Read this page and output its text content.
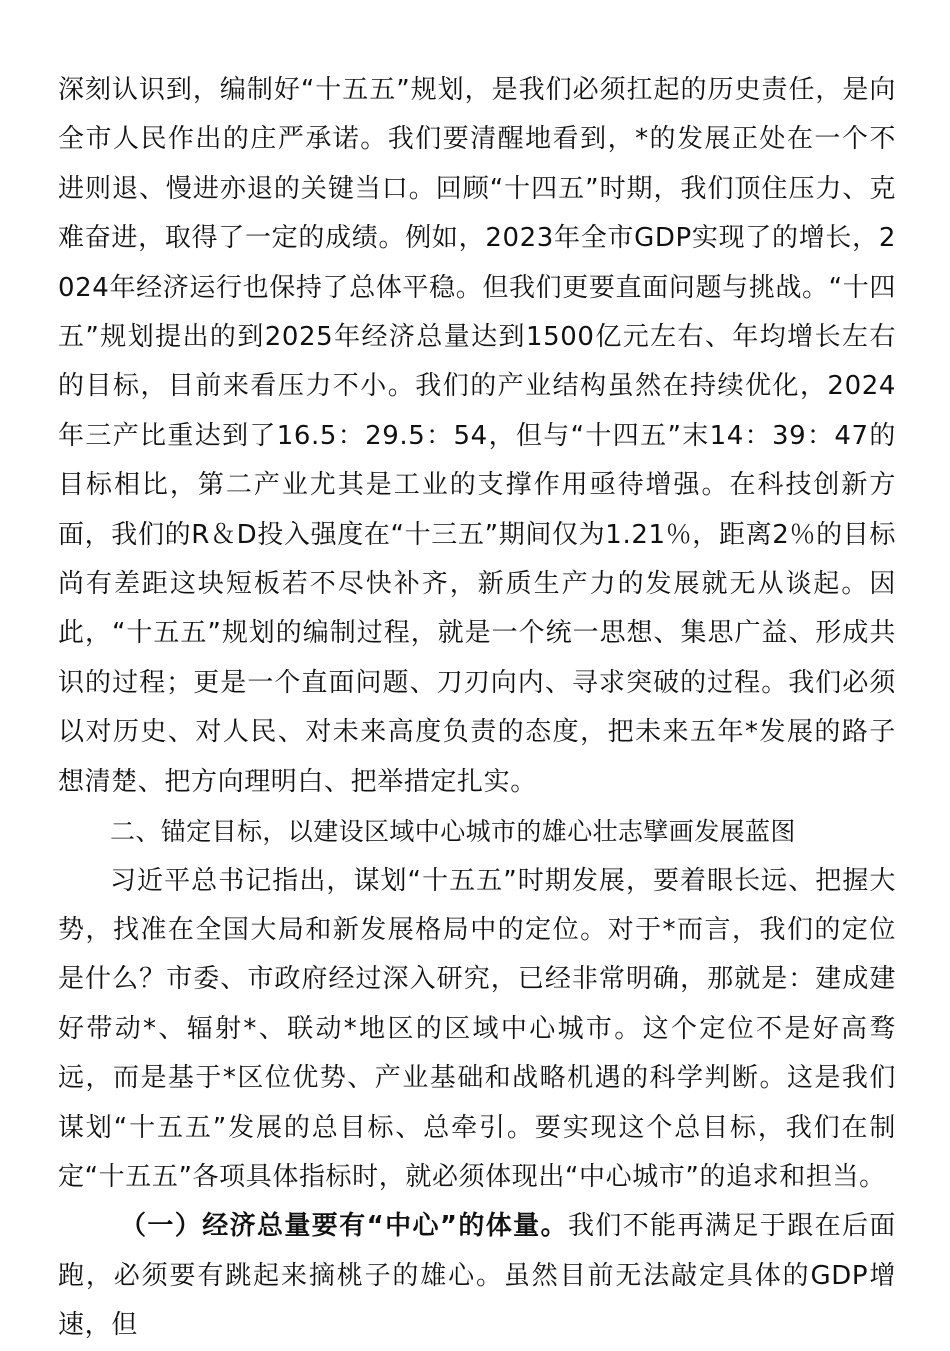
深刻认识到，编制好“十五五”规划，是我们必须扛起的历史责任，是向全市人民作出的庄严承诺。我们要清醒地看到，*的发展正处在一个不进则退、慢进亦退的关键当口。回顾“十四五”时期，我们顶住压力、克难奋进，取得了一定的成绩。例如，2023年全市GDP实现了的增长，2024年经济运行也保持了总体平稳。但我们更要直面问题与挑战。“十四五”规划提出的到2025年经济总量达到1500亿元左右、年均增长左右的目标，目前来看压力不小。我们的产业结构虽然在持续优化，2024年三产比重达到了16.5：29.5：54，但与“十四五”末14：39：47的目标相比，第二产业尤其是工业的支撑作用亟待增强。在科技创新方面，我们的R＆D投入强度在“十三五”期间仅为1.21％，距离2％的目标尚有差距这块短板若不尽快补齐，新质生产力的发展就无从谈起。因此，“十五五”规划的编制过程，就是一个统一思想、集思广益、形成共识的过程；更是一个直面问题、刀刃向内、寻求突破的过程。我们必须以对历史、对人民、对未来高度负责的态度，把未来五年*发展的路子想清楚、把方向理明白、把举措定扎实。

二、锚定目标，以建设区域中心城市的雄心壮志擘画发展蓝图

习近平总书记指出，谋划“十五五”时期发展，要着眼长远、把握大势，找准在全国大局和新发展格局中的定位。对于*而言，我们的定位是什么？市委、市政府经过深入研究，已经非常明确，那就是：建成建好带动*、辐射*、联动*地区的区域中心城市。这个定位不是好高骛远，而是基于*区位优势、产业基础和战略机遇的科学判断。这是我们谋划“十五五”发展的总目标、总牵引。要实现这个总目标，我们在制定“十五五”各项具体指标时，就必须体现出“中心城市”的追求和担当。

（一）经济总量要有“中心”的体量。我们不能再满足于跟在后面跑，必须要有跳起来摘桃子的雄心。虽然目前无法敲定具体的GDP增速，但
